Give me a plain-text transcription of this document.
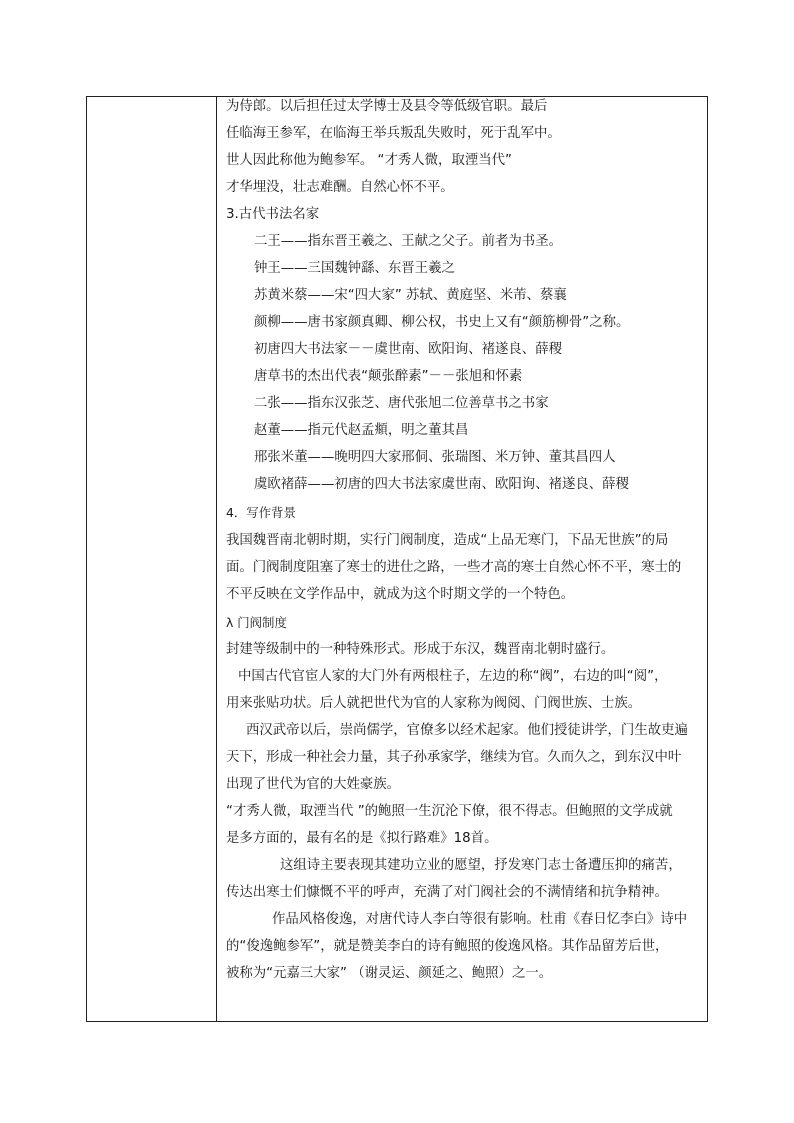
为侍郎。以后担任过太学博士及县令等低级官职。最后
任临海王参军，在临海王举兵叛乱失败时，死于乱军中。
世人因此称他为鲍参军。 “才秀人微，取湮当代”
才华埋没，壮志难酬。自然心怀不平。
3.古代书法名家
二王——指东晋王羲之、王献之父子。前者为书圣。
钟王——三国魏钟繇、东晋王羲之
苏黄米蔡——宋“四大家” 苏轼、黄庭坚、米芾、蔡襄
颜柳——唐书家颜真卿、柳公权，书史上又有“颜筋柳骨”之称。
初唐四大书法家－－虞世南、欧阳询、褚遂良、薛稷
唐草书的杰出代表“颠张醉素”－－张旭和怀素
二张——指东汉张芝、唐代张旭二位善草书之书家
赵董——指元代赵孟頫，明之董其昌
邢张米董——晚明四大家邢侗、张瑞图、米万钟、董其昌四人
虞欧褚薛——初唐的四大书法家虞世南、欧阳询、褚遂良、薛稷
4．写作背景
我国魏晋南北朝时期，实行门阀制度，造成“上品无寒门，下品无世族”的局
面。门阀制度阻塞了寒士的进仕之路，一些才高的寒士自然心怀不平，寒士的
不平反映在文学作品中，就成为这个时期文学的一个特色。
λ 门阀制度
封建等级制中的一种特殊形式。形成于东汉，魏晋南北朝时盛行。
中国古代官宦人家的大门外有两根柱子，左边的称“阀”，右边的叫“阅”，
用来张贴功状。后人就把世代为官的人家称为阀阅、门阀世族、士族。
西汉武帝以后，崇尚儒学，官僚多以经术起家。他们授徒讲学，门生故吏遍
天下，形成一种社会力量，其子孙承家学，继续为官。久而久之，到东汉中叶
出现了世代为官的大姓豪族。
“才秀人微，取湮当代 ”的鲍照一生沉沦下僚，很不得志。但鲍照的文学成就
是多方面的，最有名的是《拟行路难》18首。
这组诗主要表现其建功立业的愿望，抒发寒门志士备遭压抑的痛苦，
传达出寒士们慷慨不平的呼声，充满了对门阀社会的不满情绪和抗争精神。
作品风格俊逸，对唐代诗人李白等很有影响。杜甫《春日忆李白》诗中
的“俊逸鲍参军”，就是赞美李白的诗有鲍照的俊逸风格。其作品留芳后世，
被称为“元嘉三大家” （谢灵运、颜延之、鲍照）之一。
